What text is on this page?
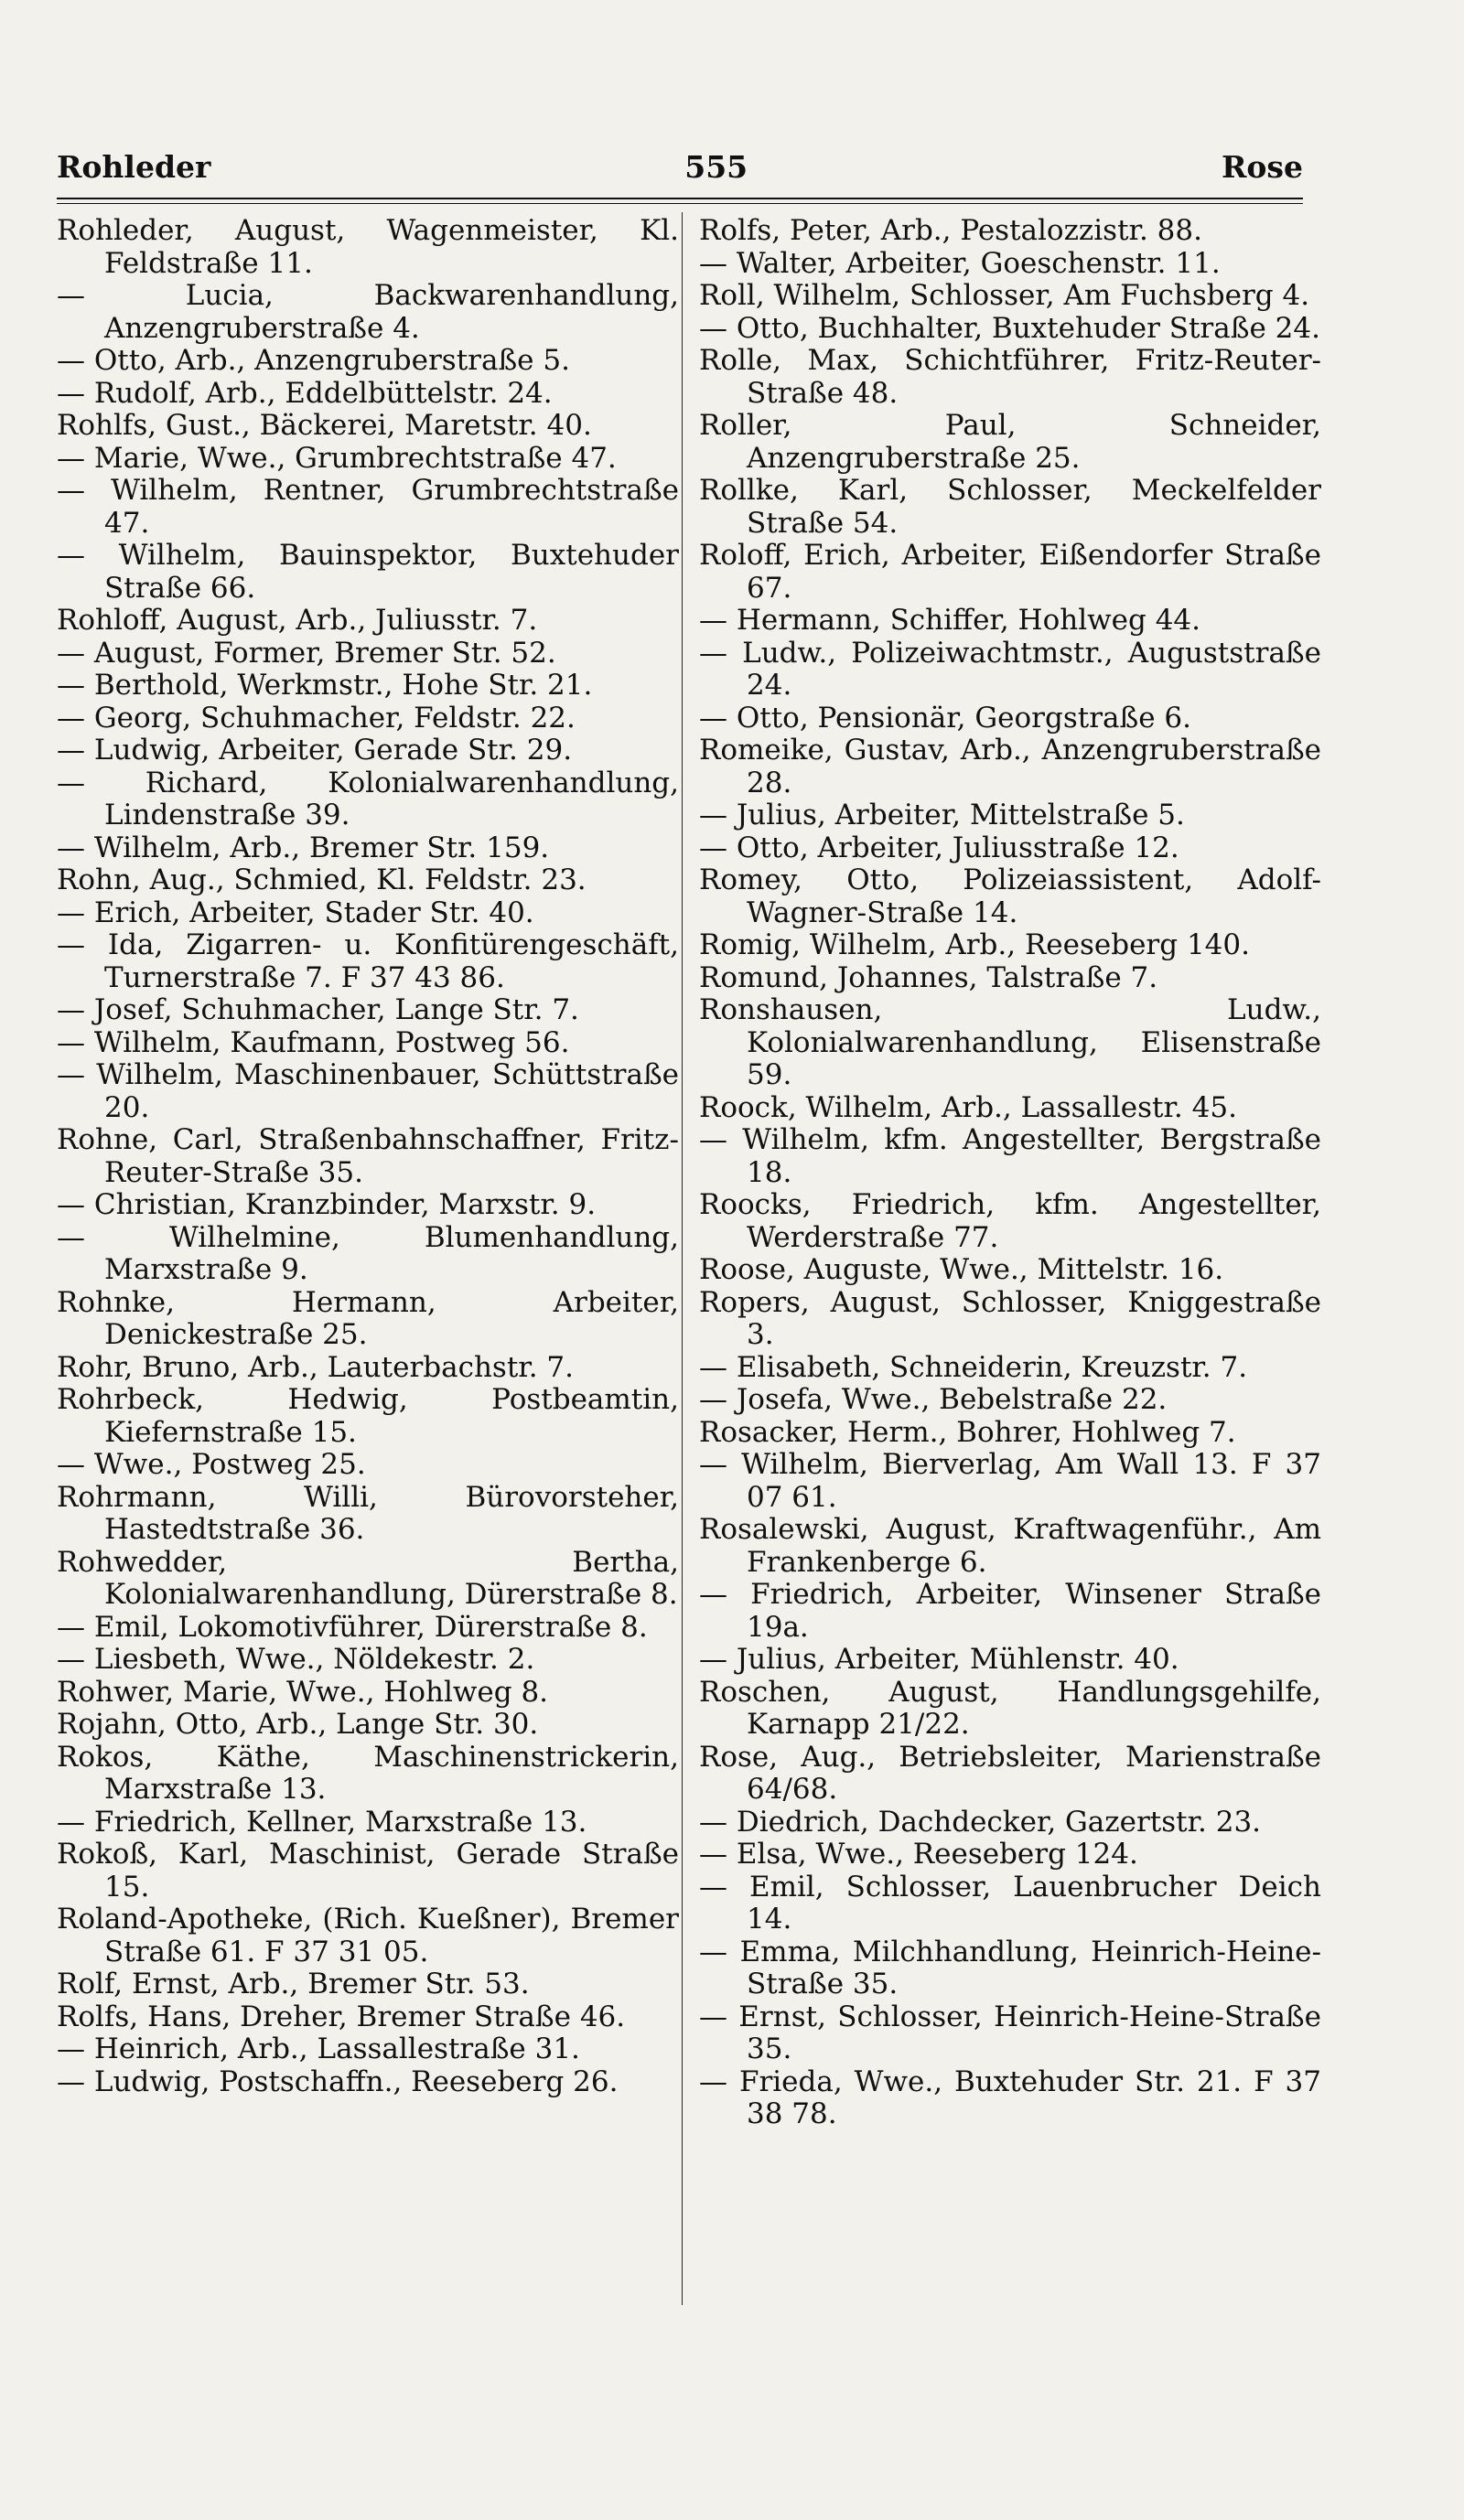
Rohleder	555	Rose
Rohleder, August, Wagenmeister, Kl. Feldstraße 11.
— Lucia, Backwarenhandlung, Anzengruberstraße 4.
— Otto, Arb., Anzengruberstraße 5.
— Rudolf, Arb., Eddelbüttelstr. 24.
Rohlfs, Gust., Bäckerei, Maretstr. 40.
— Marie, Wwe., Grumbrechtstraße 47.
— Wilhelm, Rentner, Grumbrechtstraße 47.
— Wilhelm, Bauinspektor, Buxtehuder Straße 66.
Rohloff, August, Arb., Juliusstr. 7.
— August, Former, Bremer Str. 52.
— Berthold, Werkmstr., Hohe Str. 21.
— Georg, Schuhmacher, Feldstr. 22.
— Ludwig, Arbeiter, Gerade Str. 29.
— Richard, Kolonialwarenhandlung, Lindenstraße 39.
— Wilhelm, Arb., Bremer Str. 159.
Rohn, Aug., Schmied, Kl. Feldstr. 23.
— Erich, Arbeiter, Stader Str. 40.
— Ida, Zigarren- u. Konfitürengeschäft, Turnerstraße 7. F 37 43 86.
— Josef, Schuhmacher, Lange Str. 7.
— Wilhelm, Kaufmann, Postweg 56.
— Wilhelm, Maschinenbauer, Schüttstraße 20.
Rohne, Carl, Straßenbahnschaffner, Fritz-Reuter-Straße 35.
— Christian, Kranzbinder, Marxstr. 9.
— Wilhelmine, Blumenhandlung, Marxstraße 9.
Rohnke, Hermann, Arbeiter, Denickestraße 25.
Rohr, Bruno, Arb., Lauterbachstr. 7.
Rohrbeck, Hedwig, Postbeamtin, Kiefernstraße 15.
— Wwe., Postweg 25.
Rohrmann, Willi, Bürovorsteher, Hastedtstraße 36.
Rohwedder, Bertha, Kolonialwarenhandlung, Dürerstraße 8.
— Emil, Lokomotivführer, Dürerstraße 8.
— Liesbeth, Wwe., Nöldekestr. 2.
Rohwer, Marie, Wwe., Hohlweg 8.
Rojahn, Otto, Arb., Lange Str. 30.
Rokos, Käthe, Maschinenstrickerin, Marxstraße 13.
— Friedrich, Kellner, Marxstraße 13.
Rokoß, Karl, Maschinist, Gerade Straße 15.
Roland-Apotheke, (Rich. Kueßner), Bremer Straße 61. F 37 31 05.
Rolf, Ernst, Arb., Bremer Str. 53.
Rolfs, Hans, Dreher, Bremer Straße 46.
— Heinrich, Arb., Lassallestraße 31.
— Ludwig, Postschaffn., Reeseberg 26.
Rolfs, Peter, Arb., Pestalozzistr. 88.
— Walter, Arbeiter, Goeschenstr. 11.
Roll, Wilhelm, Schlosser, Am Fuchsberg 4.
— Otto, Buchhalter, Buxtehuder Straße 24.
Rolle, Max, Schichtführer, Fritz-Reuter-Straße 48.
Roller, Paul, Schneider, Anzengruberstraße 25.
Rollke, Karl, Schlosser, Meckelfelder Straße 54.
Roloff, Erich, Arbeiter, Eißendorfer Straße 67.
— Hermann, Schiffer, Hohlweg 44.
— Ludw., Polizeiwachtmstr., Auguststraße 24.
— Otto, Pensionär, Georgstraße 6.
Romeike, Gustav, Arb., Anzengruberstraße 28.
— Julius, Arbeiter, Mittelstraße 5.
— Otto, Arbeiter, Juliusstraße 12.
Romey, Otto, Polizeiassistent, Adolf-Wagner-Straße 14.
Romig, Wilhelm, Arb., Reeseberg 140.
Romund, Johannes, Talstraße 7.
Ronshausen, Ludw., Kolonialwarenhandlung, Elisenstraße 59.
Roock, Wilhelm, Arb., Lassallestr. 45.
— Wilhelm, kfm. Angestellter, Bergstraße 18.
Roocks, Friedrich, kfm. Angestellter, Werderstraße 77.
Roose, Auguste, Wwe., Mittelstr. 16.
Ropers, August, Schlosser, Kniggestraße 3.
— Elisabeth, Schneiderin, Kreuzstr. 7.
— Josefa, Wwe., Bebelstraße 22.
Rosacker, Herm., Bohrer, Hohlweg 7.
— Wilhelm, Bierverlag, Am Wall 13. F 37 07 61.
Rosalewski, August, Kraftwagenführ., Am Frankenberge 6.
— Friedrich, Arbeiter, Winsener Straße 19a.
— Julius, Arbeiter, Mühlenstr. 40.
Roschen, August, Handlungsgehilfe, Karnapp 21/22.
Rose, Aug., Betriebsleiter, Marienstraße 64/68.
— Diedrich, Dachdecker, Gazertstr. 23.
— Elsa, Wwe., Reeseberg 124.
— Emil, Schlosser, Lauenbrucher Deich 14.
— Emma, Milchhandlung, Heinrich-Heine-Straße 35.
— Ernst, Schlosser, Heinrich-Heine-Straße 35.
— Frieda, Wwe., Buxtehuder Str. 21. F 37 38 78.
